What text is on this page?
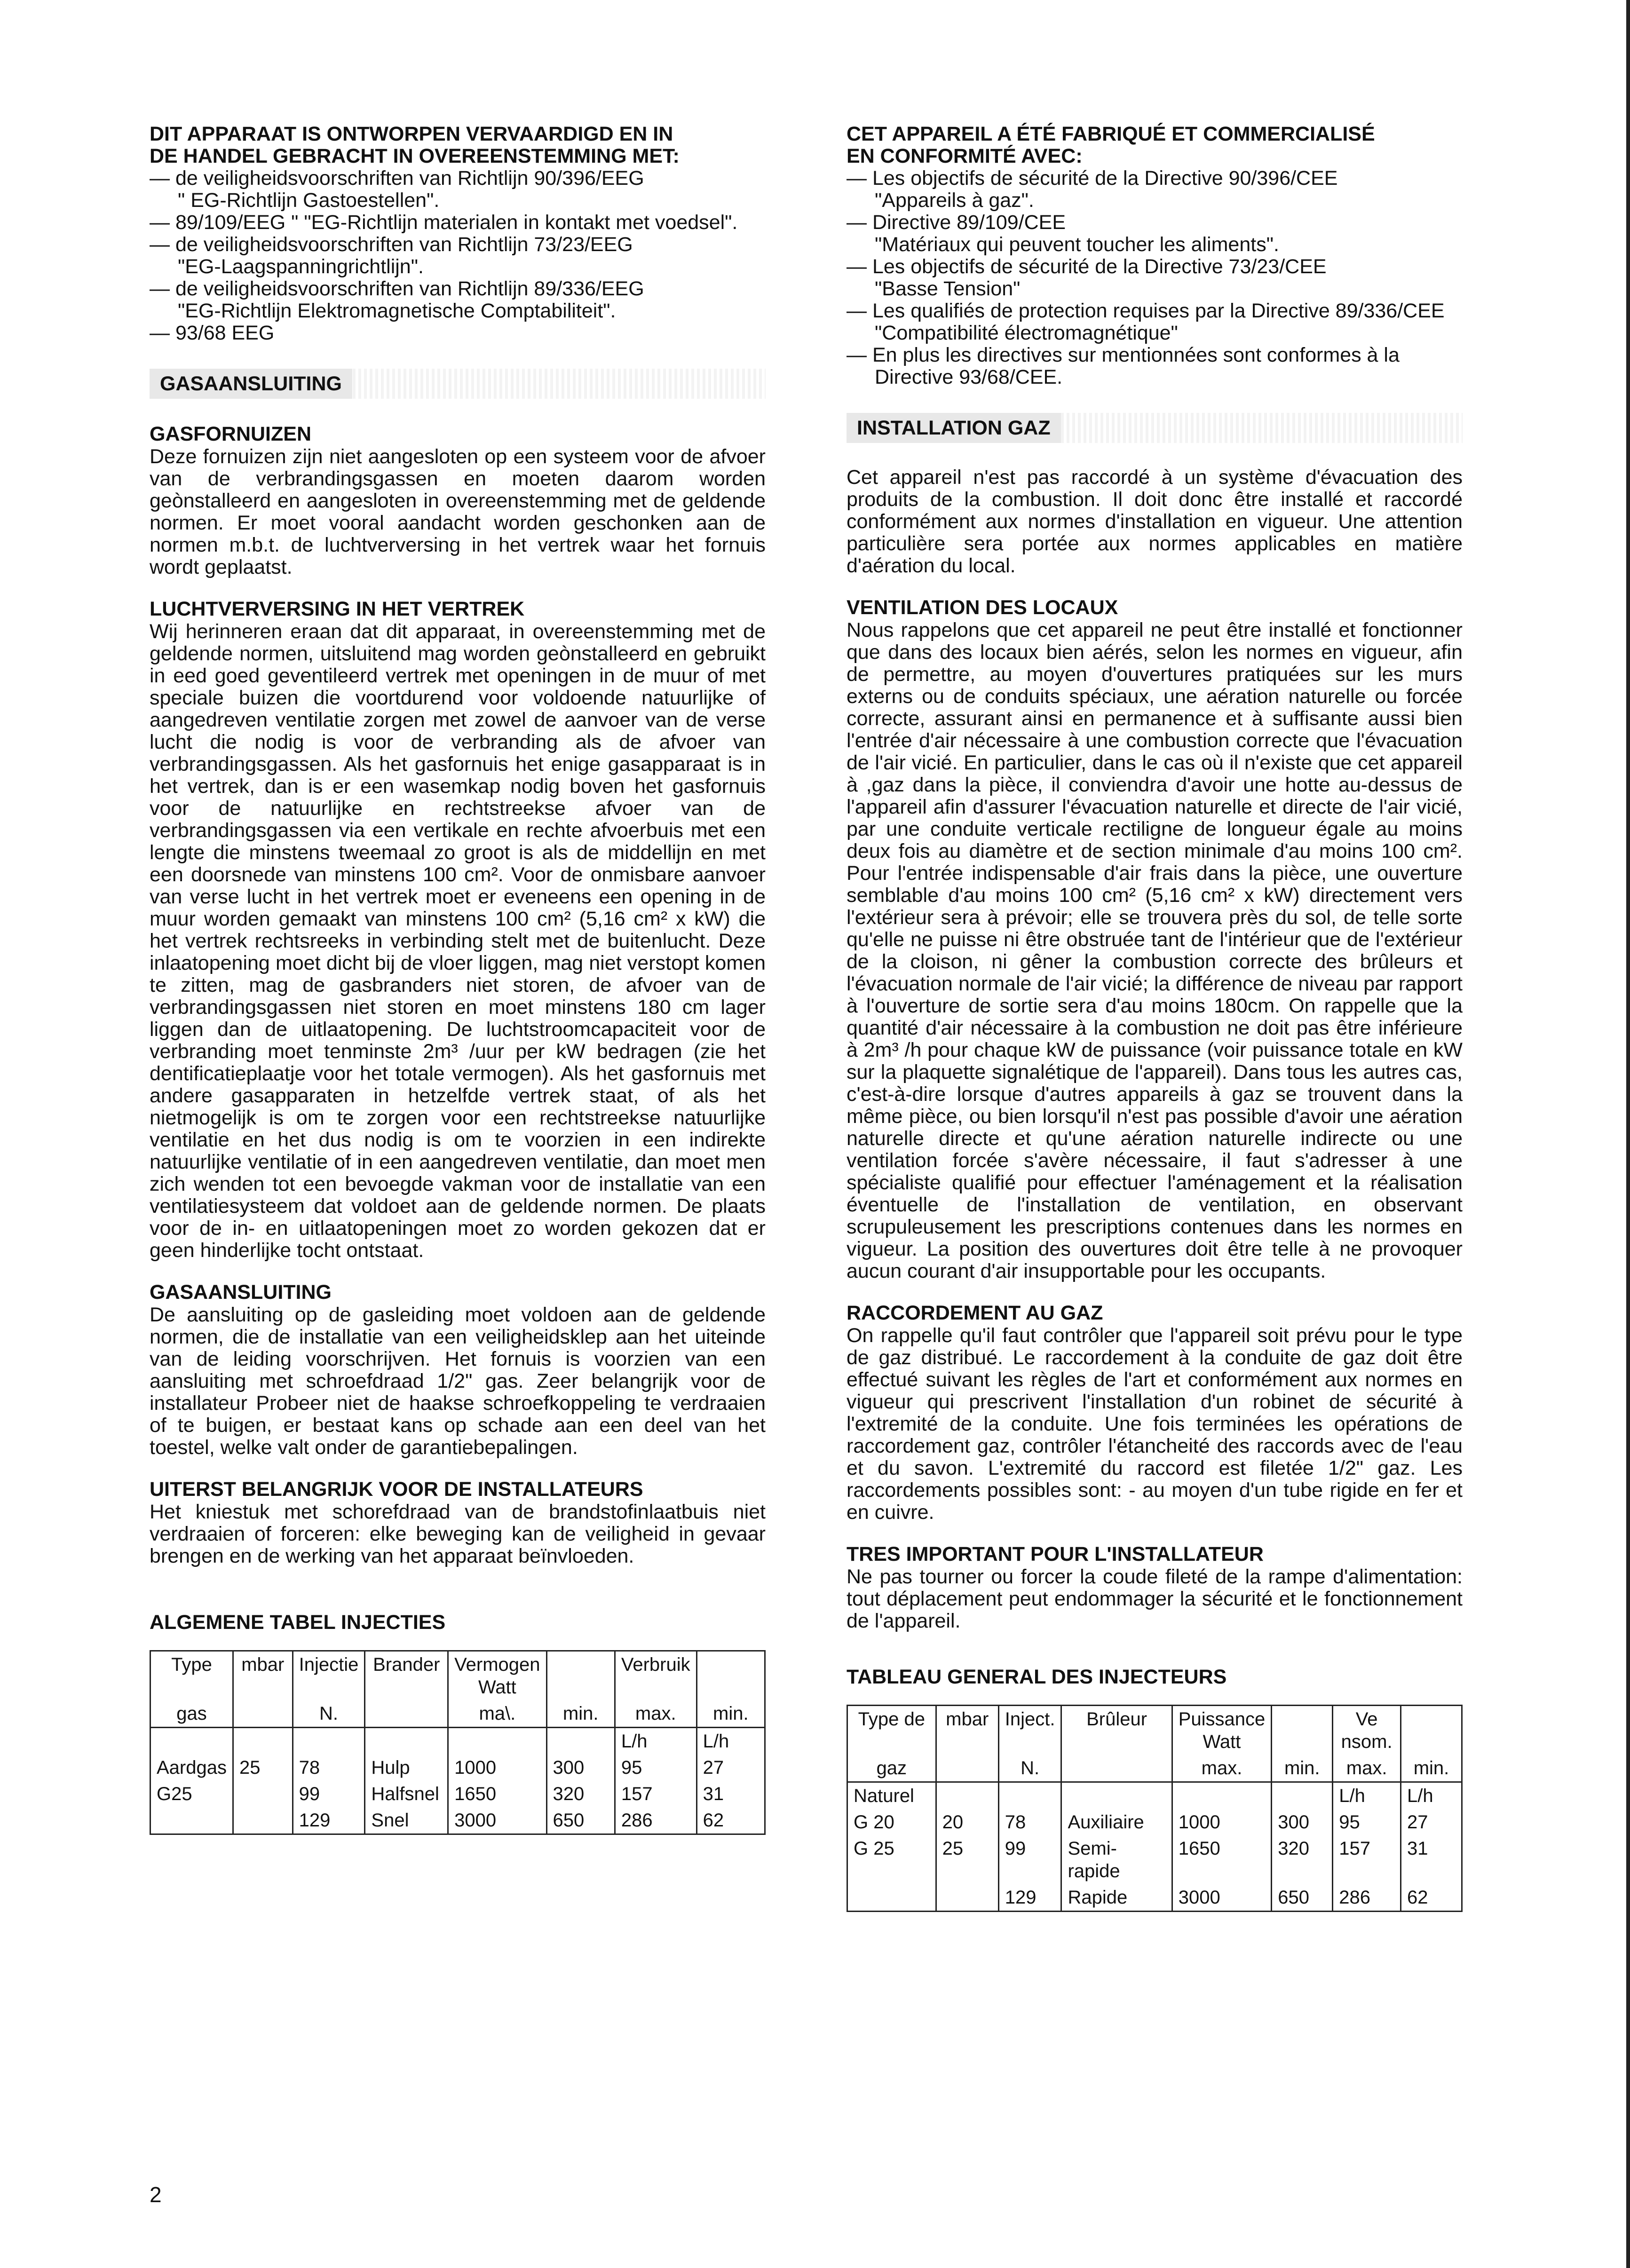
DIT APPARAAT IS ONTWORPEN VERVAARDIGD EN IN

DE HANDEL GEBRACHT IN OVEREENSTEMMING MET:

— de veiligheidsvoorschriften van Richtlijn 90/396/EEG

" EG-Richtlijn Gastoestellen".

— 89/109/EEG " "EG-Richtlijn materialen in kontakt met voedsel".

— de veiligheidsvoorschriften van Richtlijn 73/23/EEG

"EG-Laagspanningrichtlijn".

— de veiligheidsvoorschriften van Richtlijn 89/336/EEG

"EG-Richtlijn Elektromagnetische Comptabiliteit".

— 93/68 EEG

GASAANSLUITING

GASFORNUIZEN

Deze fornuizen zijn niet aangesloten op een systeem voor de afvoer van de verbrandingsgassen en moeten daarom worden geònstalleerd en aangesloten in overeenstemming met de geldende normen. Er moet vooral aandacht worden geschonken aan de normen m.b.t. de luchtverversing in het vertrek waar het fornuis wordt geplaatst.

LUCHTVERVERSING IN HET VERTREK

Wij herinneren eraan dat dit apparaat, in overeenstemming met de geldende normen, uitsluitend mag worden geònstalleerd en gebruikt in eed goed geventileerd vertrek met openingen in de muur of met speciale buizen die voortdurend voor voldoende natuurlijke of aangedreven ventilatie zorgen met zowel de aanvoer van de verse lucht die nodig is voor de verbranding als de afvoer van verbrandingsgassen. Als het gasfornuis het enige gasapparaat is in het vertrek, dan is er een wasemkap nodig boven het gasfornuis voor de natuurlijke en rechtstreekse afvoer van de verbrandingsgassen via een vertikale en rechte afvoerbuis met een lengte die minstens tweemaal zo groot is als de middellijn en met een doorsnede van minstens 100 cm². Voor de onmisbare aanvoer van verse lucht in het vertrek moet er eveneens een opening in de muur worden gemaakt van minstens 100 cm² (5,16 cm² x kW) die het vertrek rechtsreeks in verbinding stelt met de buitenlucht. Deze inlaatopening moet dicht bij de vloer liggen, mag niet verstopt komen te zitten, mag de gasbranders niet storen, de afvoer van de verbrandingsgassen niet storen en moet minstens 180 cm lager liggen dan de uitlaatopening. De luchtstroomcapaciteit voor de verbranding moet tenminste 2m³ /uur per kW bedragen (zie het dentificatieplaatje voor het totale vermogen). Als het gasfornuis met andere gasapparaten in hetzelfde vertrek staat, of als het nietmogelijk is om te zorgen voor een rechtstreekse natuurlijke ventilatie en het dus nodig is om te voorzien in een indirekte natuurlijke ventilatie of in een aangedreven ventilatie, dan moet men zich wenden tot een bevoegde vakman voor de installatie van een ventilatiesysteem dat voldoet aan de geldende normen. De plaats voor de in- en uitlaatopeningen moet zo worden gekozen dat er geen hinderlijke tocht ontstaat.

GASAANSLUITING

De aansluiting op de gasleiding moet voldoen aan de geldende normen, die de installatie van een veiligheidsklep aan het uiteinde van de leiding voorschrijven. Het fornuis is voorzien van een aansluiting met schroefdraad 1/2" gas. Zeer belangrijk voor de installateur Probeer niet de haakse schroefkoppeling te verdraaien of te buigen, er bestaat kans op schade aan een deel van het toestel, welke valt onder de garantiebepalingen.

UITERST BELANGRIJK VOOR DE INSTALLATEURS

Het kniestuk met schorefdraad van de brandstofinlaatbuis niet verdraaien of forceren: elke beweging kan de veiligheid in gevaar brengen en de werking van het apparaat beïnvloeden.

ALGEMENE TABEL INJECTIES

Type	mbar	Injectie	Brander	Vermogen Watt		Verbruik	
gas		N.		ma\.	min.	max.	min.
						L/h	L/h
Aardgas	25	78	Hulp	1000	300	95	27
G25		99	Halfsnel	1650	320	157	31
		129	Snel	3000	650	286	62

CET APPAREIL A ÉTÉ FABRIQUÉ ET COMMERCIALISÉ

EN CONFORMITÉ AVEC:

— Les objectifs de sécurité de la Directive 90/396/CEE

"Appareils à gaz".

— Directive 89/109/CEE

"Matériaux qui peuvent toucher les aliments".

— Les objectifs de sécurité de la Directive 73/23/CEE

"Basse Tension"

— Les qualifiés de protection requises par la Directive 89/336/CEE

"Compatibilité électromagnétique"

— En plus les directives sur mentionnées sont conformes à la Directive 93/68/CEE.

INSTALLATION GAZ

Cet appareil n'est pas raccordé à un système d'évacuation des produits de la combustion. Il doit donc être installé et raccordé conformément aux normes d'installation en vigueur. Une attention particulière sera portée aux normes applicables en matière d'aération du local.

VENTILATION DES LOCAUX

Nous rappelons que cet appareil ne peut être installé et fonctionner que dans des locaux bien aérés, selon les normes en vigueur, afin de permettre, au moyen d'ouvertures pratiquées sur les murs externs ou de conduits spéciaux, une aération naturelle ou forcée correcte, assurant ainsi en permanence et à suffisante aussi bien l'entrée d'air nécessaire à une combustion correcte que l'évacuation de l'air vicié. En particulier, dans le cas où il n'existe que cet appareil à ,gaz dans la pièce, il conviendra d'avoir une hotte au-dessus de l'appareil afin d'assurer l'évacuation naturelle et directe de l'air vicié, par une conduite verticale rectiligne de longueur égale au moins deux fois au diamètre et de section minimale d'au moins 100 cm². Pour l'entrée indispensable d'air frais dans la pièce, une ouverture semblable d'au moins 100 cm² (5,16 cm² x kW) directement vers l'extérieur sera à prévoir; elle se trouvera près du sol, de telle sorte qu'elle ne puisse ni être obstruée tant de l'intérieur que de l'extérieur de la cloison, ni gêner la combustion correcte des brûleurs et l'évacuation normale de l'air vicié; la différence de niveau par rapport à l'ouverture de sortie sera d'au moins 180cm. On rappelle que la quantité d'air nécessaire à la combustion ne doit pas être inférieure à 2m³ /h pour chaque kW de puissance (voir puissance totale en kW sur la plaquette signalétique de l'appareil). Dans tous les autres cas, c'est-à-dire lorsque d'autres appareils à gaz se trouvent dans la même pièce, ou bien lorsqu'il n'est pas possible d'avoir une aération naturelle directe et qu'une aération naturelle indirecte ou une ventilation forcée s'avère nécessaire, il faut s'adresser à une spécialiste qualifié pour effectuer l'aménagement et la réalisation éventuelle de l'installation de ventilation, en observant scrupuleusement les prescriptions contenues dans les normes en vigueur. La position des ouvertures doit être telle à ne provoquer aucun courant d'air insupportable pour les occupants.

RACCORDEMENT AU GAZ

On rappelle qu'il faut contrôler que l'appareil soit prévu pour le type de gaz distribué. Le raccordement à la conduite de gaz doit être effectué suivant les règles de l'art et conformément aux normes en vigueur qui prescrivent l'installation d'un robinet de sécurité à l'extremité de la conduite. Une fois terminées les opérations de raccordement gaz, contrôler l'étancheité des raccords avec de l'eau et du savon. L'extremité du raccord est filetée 1/2" gaz. Les raccordements possibles sont: - au moyen d'un tube rigide en fer et en cuivre.

TRES IMPORTANT POUR L'INSTALLATEUR

Ne pas tourner ou forcer la coude fileté de la rampe d'alimentation: tout déplacement peut endommager la sécurité et le fonctionnement de l'appareil.

TABLEAU GENERAL DES INJECTEURS

Type de	mbar	Inject.	Brûleur	Puissance Watt		Ve nsom.	
gaz		N.		max.	min.	max.	min.
Naturel						L/h	L/h
G 20	20	78	Auxiliaire	1000	300	95	27
G 25	25	99	Semi-rapide	1650	320	157	31
		129	Rapide	3000	650	286	62
2
